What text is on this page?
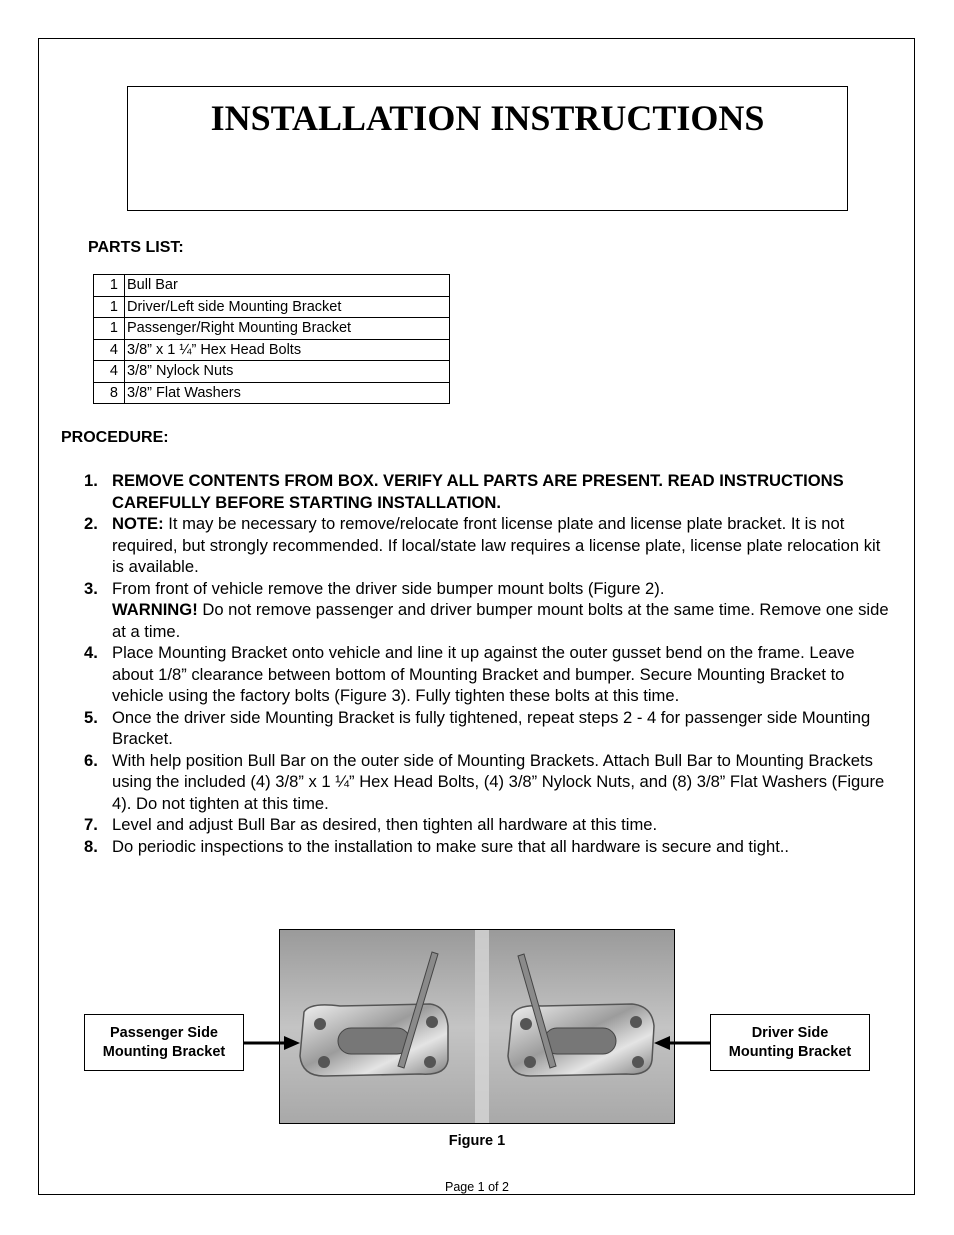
INSTALLATION INSTRUCTIONS
PARTS LIST:
1	Bull Bar
1	Driver/Left side Mounting Bracket
1	Passenger/Right Mounting Bracket
4	3/8” x 1 ¼” Hex Head Bolts
4	3/8” Nylock Nuts
8	3/8” Flat Washers
PROCEDURE:
1. REMOVE CONTENTS FROM BOX. VERIFY ALL PARTS ARE PRESENT. READ INSTRUCTIONS CAREFULLY BEFORE STARTING INSTALLATION.
2. NOTE: It may be necessary to remove/relocate front license plate and license plate bracket. It is not required, but strongly recommended. If local/state law requires a license plate, license plate relocation kit is available.
3. From front of vehicle remove the driver side bumper mount bolts (Figure 2).
WARNING! Do not remove passenger and driver bumper mount bolts at the same time. Remove one side at a time.
4. Place Mounting Bracket onto vehicle and line it up against the outer gusset bend on the frame. Leave about 1/8” clearance between bottom of Mounting Bracket and bumper. Secure Mounting Bracket to vehicle using the factory bolts (Figure 3). Fully tighten these bolts at this time.
5. Once the driver side Mounting Bracket is fully tightened, repeat steps 2 - 4 for passenger side Mounting Bracket.
6. With help position Bull Bar on the outer side of Mounting Brackets. Attach Bull Bar to Mounting Brackets using the included (4) 3/8” x 1 ¼” Hex Head Bolts, (4) 3/8” Nylock Nuts, and (8) 3/8” Flat Washers (Figure 4). Do not tighten at this time.
7. Level and adjust Bull Bar as desired, then tighten all hardware at this time.
8. Do periodic inspections to the installation to make sure that all hardware is secure and tight..
Passenger Side
Mounting Bracket
Driver Side
Mounting Bracket
Figure 1
Page 1 of 2
